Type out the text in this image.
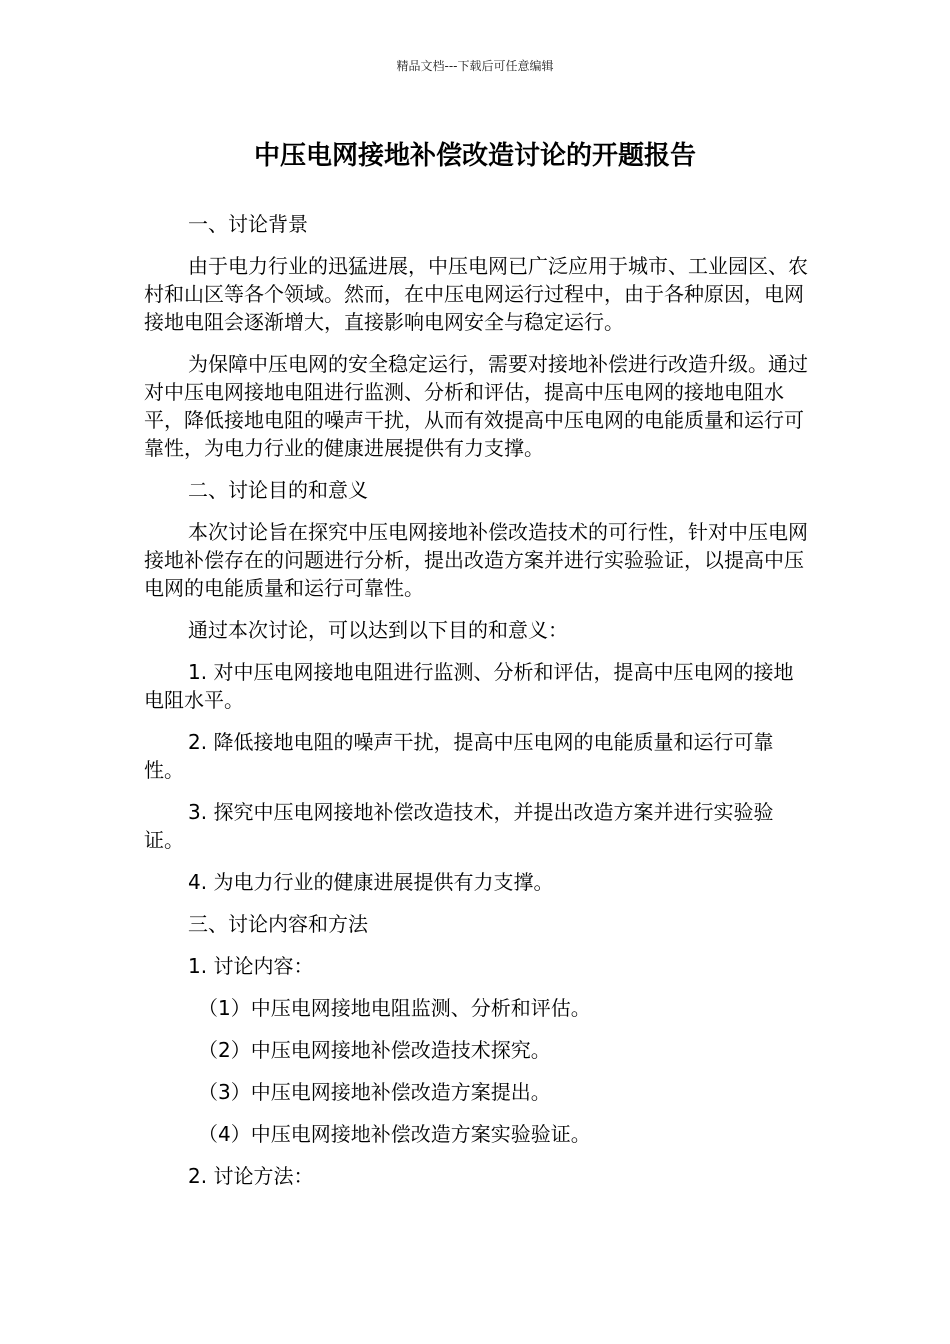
精品文档---下载后可任意编辑
中压电网接地补偿改造讨论的开题报告

一、讨论背景

由于电力行业的迅猛进展，中压电网已广泛应用于城市、工业园区、农村和山区等各个领域。然而，在中压电网运行过程中，由于各种原因，电网接地电阻会逐渐增大，直接影响电网安全与稳定运行。

为保障中压电网的安全稳定运行，需要对接地补偿进行改造升级。通过对中压电网接地电阻进行监测、分析和评估，提高中压电网的接地电阻水平，降低接地电阻的噪声干扰，从而有效提高中压电网的电能质量和运行可靠性，为电力行业的健康进展提供有力支撑。

二、讨论目的和意义

本次讨论旨在探究中压电网接地补偿改造技术的可行性，针对中压电网接地补偿存在的问题进行分析，提出改造方案并进行实验验证，以提高中压电网的电能质量和运行可靠性。

通过本次讨论，可以达到以下目的和意义：

1. 对中压电网接地电阻进行监测、分析和评估，提高中压电网的接地电阻水平。

2. 降低接地电阻的噪声干扰，提高中压电网的电能质量和运行可靠性。

3. 探究中压电网接地补偿改造技术，并提出改造方案并进行实验验证。

4. 为电力行业的健康进展提供有力支撑。

三、讨论内容和方法

1. 讨论内容：

（1）中压电网接地电阻监测、分析和评估。

（2）中压电网接地补偿改造技术探究。

（3）中压电网接地补偿改造方案提出。

（4）中压电网接地补偿改造方案实验验证。

2. 讨论方法：
